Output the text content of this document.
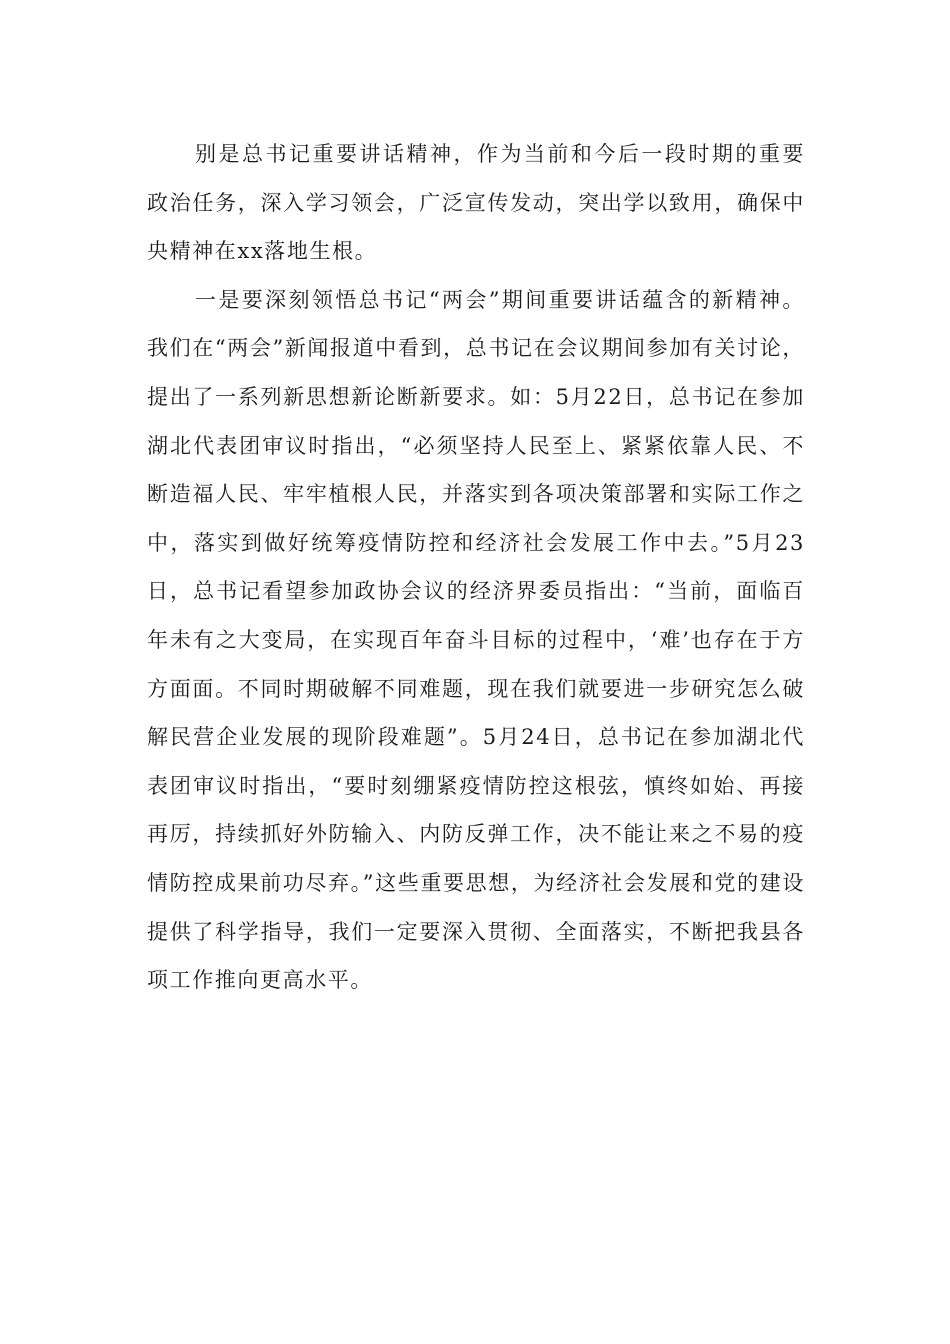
别是总书记重要讲话精神，作为当前和今后一段时期的重要政治任务，深入学习领会，广泛宣传发动，突出学以致用，确保中央精神在xx落地生根。

一是要深刻领悟总书记“两会”期间重要讲话蕴含的新精神。我们在“两会”新闻报道中看到，总书记在会议期间参加有关讨论，提出了一系列新思想新论断新要求。如：5月22日，总书记在参加湖北代表团审议时指出，“必须坚持人民至上、紧紧依靠人民、不断造福人民、牢牢植根人民，并落实到各项决策部署和实际工作之中，落实到做好统筹疫情防控和经济社会发展工作中去。”5月23日，总书记看望参加政协会议的经济界委员指出：“当前，面临百年未有之大变局，在实现百年奋斗目标的过程中，‘难’也存在于方方面面。不同时期破解不同难题，现在我们就要进一步研究怎么破解民营企业发展的现阶段难题”。5月24日，总书记在参加湖北代表团审议时指出，“要时刻绷紧疫情防控这根弦，慎终如始、再接再厉，持续抓好外防输入、内防反弹工作，决不能让来之不易的疫情防控成果前功尽弃。”这些重要思想，为经济社会发展和党的建设提供了科学指导，我们一定要深入贯彻、全面落实，不断把我县各项工作推向更高水平。
